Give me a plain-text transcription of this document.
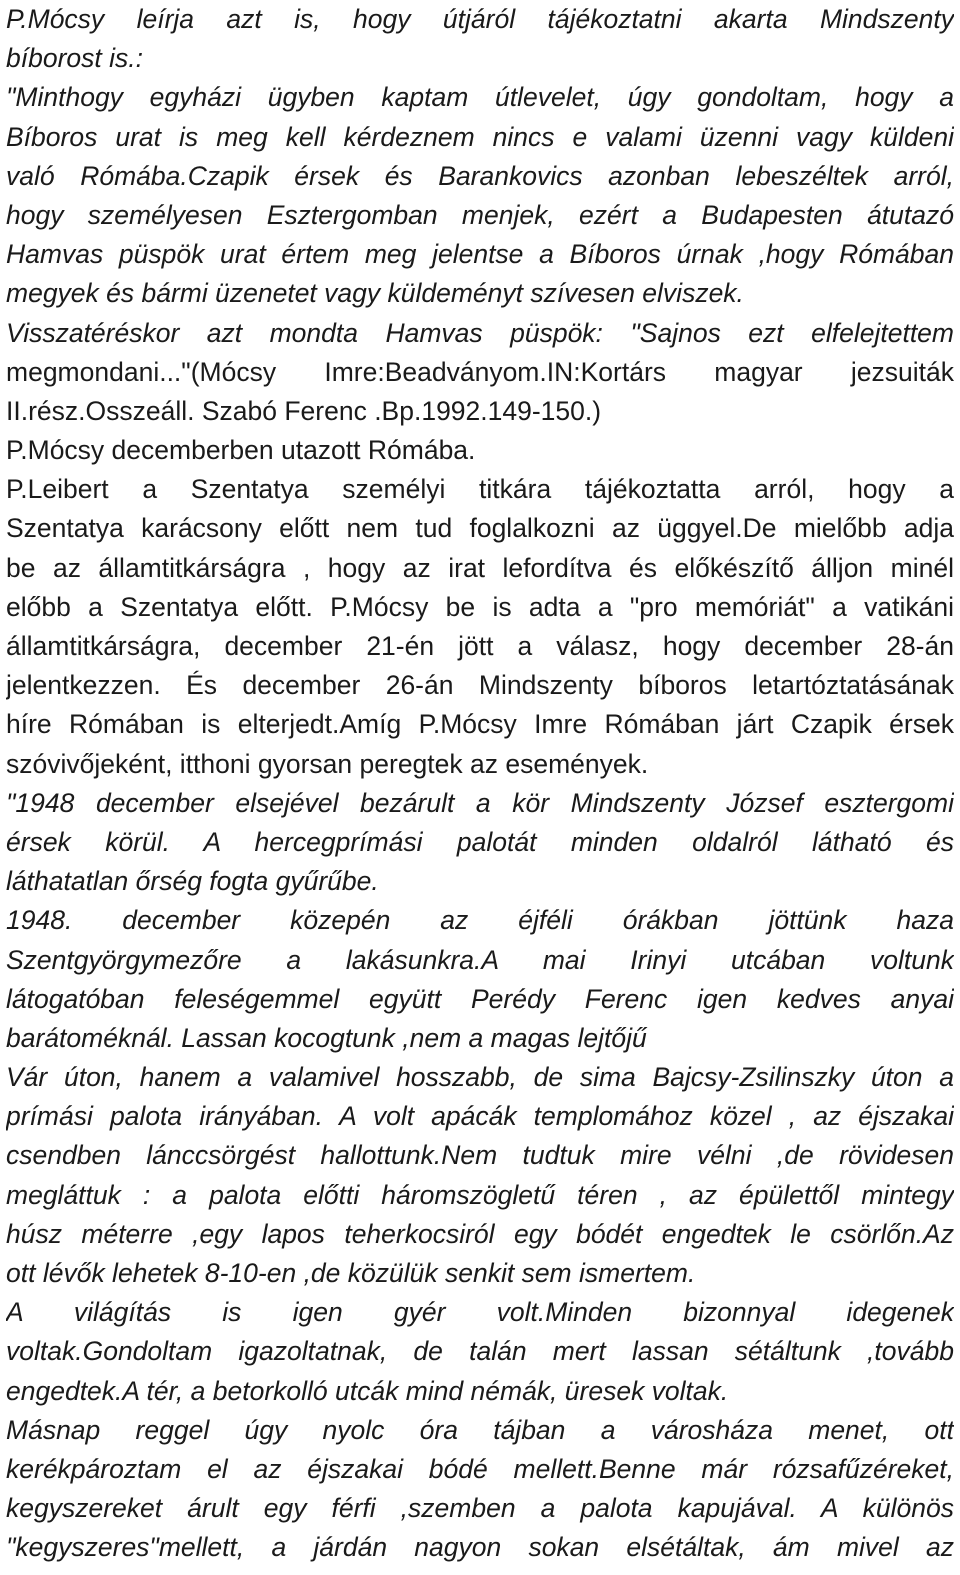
P.Mócsy leírja azt is, hogy útjáról tájékoztatni akarta Mindszenty
bíborost is.:
"Minthogy egyházi ügyben kaptam útlevelet, úgy gondoltam, hogy a
Bíboros urat is meg kell kérdeznem nincs e valami üzenni vagy küldeni
való Rómába.Czapik érsek és Barankovics azonban lebeszéltek arról,
hogy személyesen Esztergomban menjek, ezért a Budapesten átutazó
Hamvas püspök urat értem meg jelentse a Bíboros úrnak ,hogy Rómában
megyek és bármi üzenetet vagy küldeményt szívesen elviszek.
Visszatéréskor azt mondta Hamvas püspök: "Sajnos ezt elfelejtettem
megmondani..."(Mócsy Imre:Beadványom.IN:Kortárs magyar jezsuiták
II.rész.Osszeáll. Szabó Ferenc .Bp.1992.149-150.)
P.Mócsy decemberben utazott Rómába.
P.Leibert a Szentatya személyi titkára tájékoztatta arról, hogy a
Szentatya karácsony előtt nem tud foglalkozni az üggyel.De mielőbb adja
be az államtitkárságra , hogy az irat lefordítva és előkészítő álljon minél
előbb a Szentatya előtt. P.Mócsy be is adta a "pro memóriát" a vatikáni
államtitkárságra, december 21-én jött a válasz, hogy december 28-án
jelentkezzen. És december 26-án Mindszenty bíboros letartóztatásának
híre Rómában is elterjedt.Amíg P.Mócsy Imre Rómában járt Czapik érsek
szóvivőjeként, itthoni gyorsan peregtek az események.
"1948 december elsejével bezárult a kör Mindszenty József esztergomi
érsek körül. A hercegprímási palotát minden oldalról látható és
láthatatlan őrség fogta gyűrűbe.
1948. december közepén az éjféli órákban jöttünk haza
Szentgyörgymezőre a lakásunkra.A mai Irinyi utcában voltunk
látogatóban feleségemmel együtt Perédy Ferenc igen kedves anyai
barátoméknál. Lassan kocogtunk ,nem a magas lejtőjű
Vár úton, hanem a valamivel hosszabb, de sima Bajcsy-Zsilinszky úton a
prímási palota irányában. A volt apácák templomához közel , az éjszakai
csendben lánccsörgést hallottunk.Nem tudtuk mire vélni ,de rövidesen
megláttuk : a palota előtti háromszögletű téren , az épülettől mintegy
húsz méterre ,egy lapos teherkocsiról egy bódét engedtek le csörlőn.Az
ott lévők lehetek 8-10-en ,de közülük senkit sem ismertem.
A világítás is igen gyér volt.Minden bizonnyal idegenek
voltak.Gondoltam igazoltatnak, de talán mert lassan sétáltunk ,tovább
engedtek.A tér, a betorkolló utcák mind némák, üresek voltak.
Másnap reggel úgy nyolc óra tájban a városháza menet, ott
kerékpároztam el az éjszakai bódé mellett.Benne már rózsafűzéreket,
kegyszereket árult egy férfi ,szemben a palota kapujával. A különös
"kegyszeres"mellett, a járdán nagyon sokan elsétáltak, ám mivel az
